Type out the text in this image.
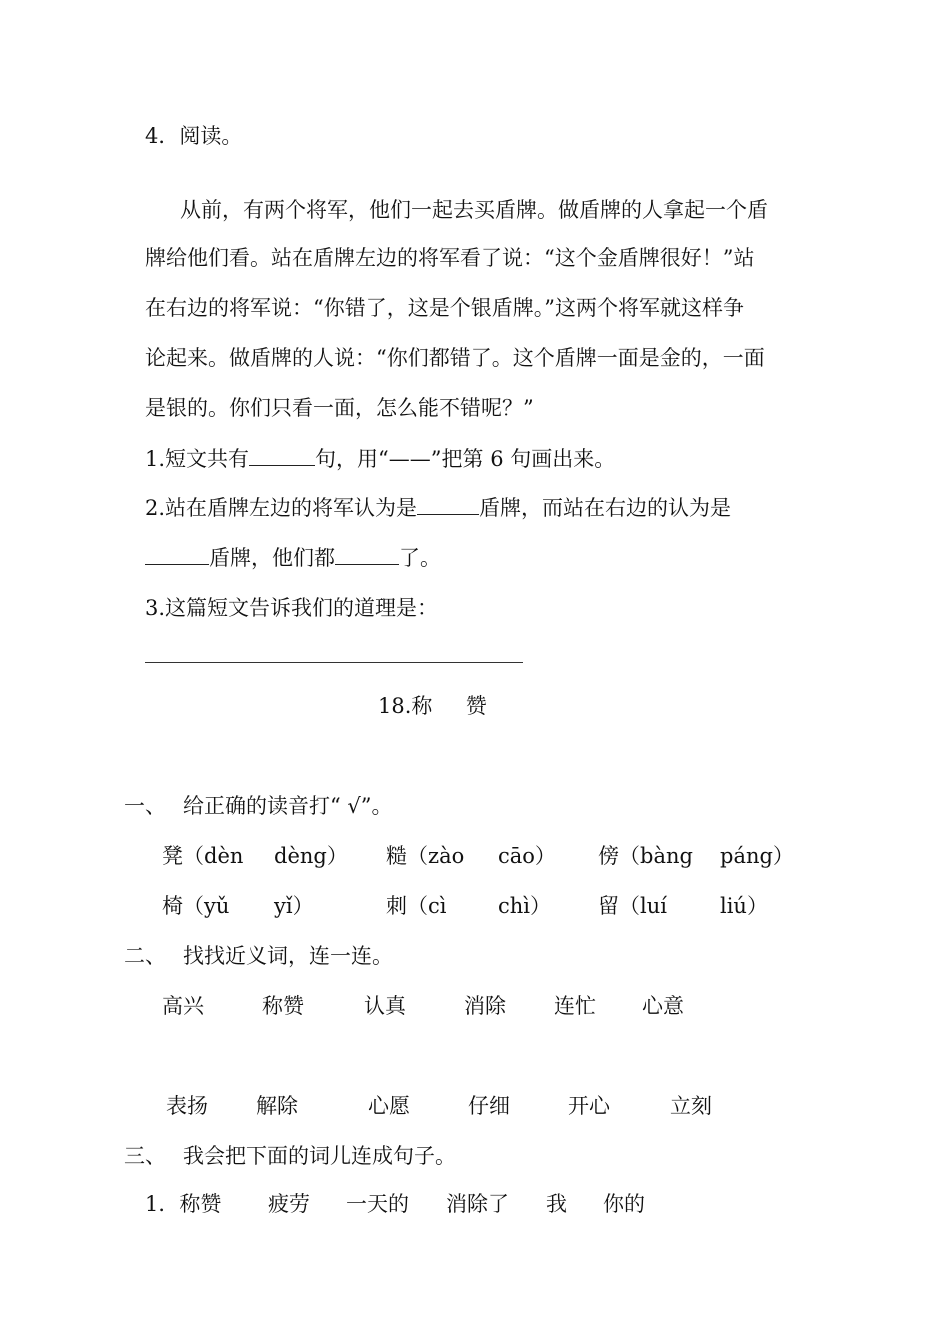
4．阅读。
从前，有两个将军，他们一起去买盾牌。做盾牌的人拿起一个盾
牌给他们看。站在盾牌左边的将军看了说：“这个金盾牌很好！”站
在右边的将军说：“你错了，这是个银盾牌。”这两个将军就这样争
论起来。做盾牌的人说：“你们都错了。这个盾牌一面是金的，一面
是银的。你们只看一面，怎么能不错呢？”
1.短文共有	句，用“——”把第 6 句画出来。
2.站在盾牌左边的将军认为是	盾牌，而站在右边的认为是
盾牌，他们都	了。
3.这篇短文告诉我们的道理是：
18.称     赞
一、 给正确的读音打“ √”。
凳（dèn dèng） 糙（zào cāo） 傍（bàng páng）
椅（yǔ yǐ）	刺（cì chì） 留（luí	liú）
二、 找找近义词，连一连。
高兴	称赞	认真	消除 连忙 心意
表扬 解除	心愿	仔细	开心	立刻
三、 我会把下面的词儿连成句子。
1．称赞 疲劳 一天的 消除了 我 你的
